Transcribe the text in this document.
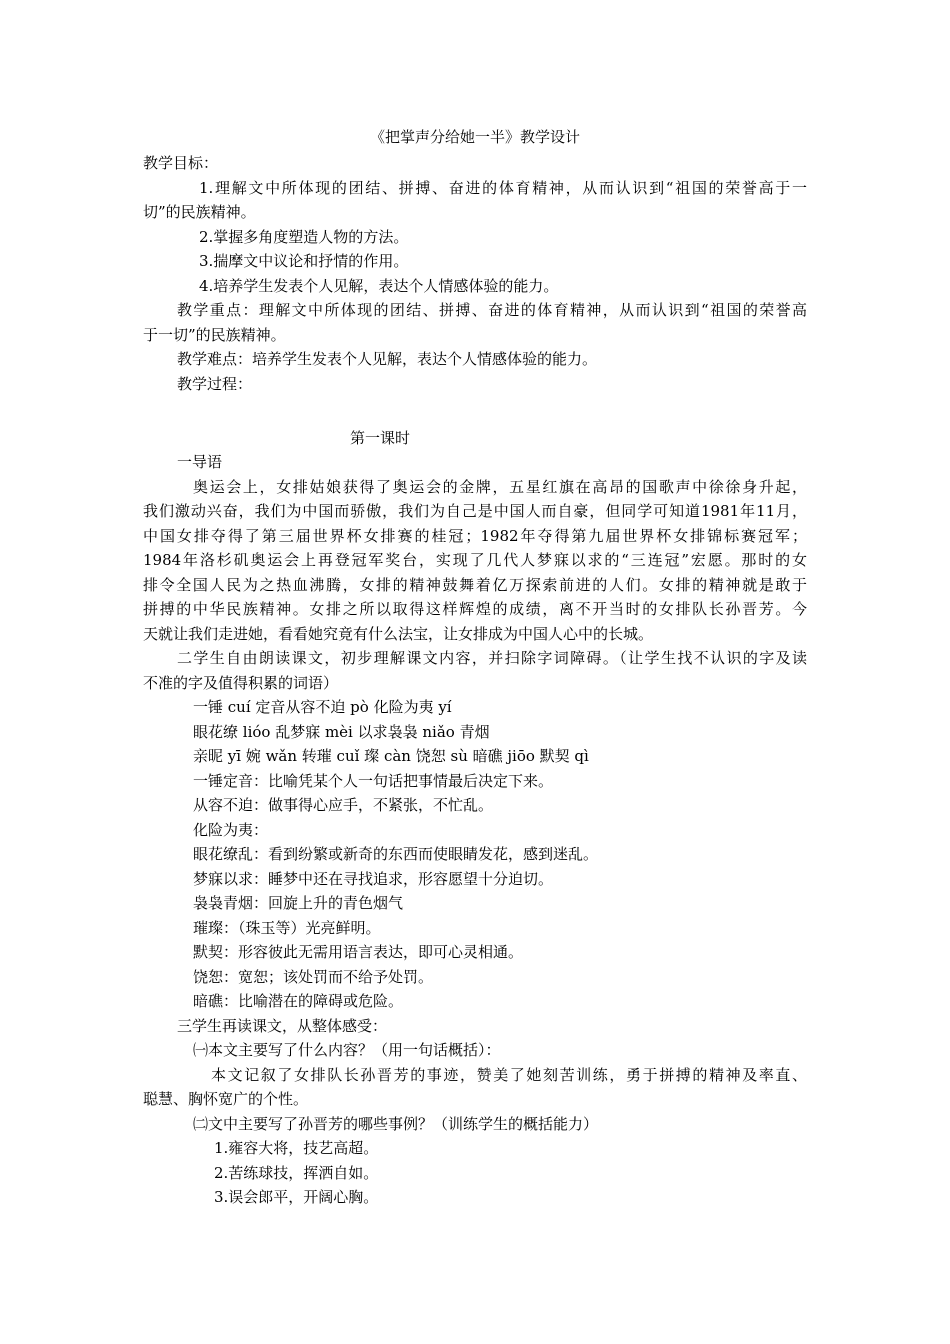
《把掌声分给她一半》教学设计
教学目标：
1.理解文中所体现的团结、拼搏、奋进的体育精神，从而认识到“祖国的荣誉高于一
切”的民族精神。
2.掌握多角度塑造人物的方法。
3.揣摩文中议论和抒情的作用。
4.培养学生发表个人见解，表达个人情感体验的能力。
教学重点：理解文中所体现的团结、拼搏、奋进的体育精神，从而认识到“祖国的荣誉高
于一切”的民族精神。
教学难点：培养学生发表个人见解，表达个人情感体验的能力。
教学过程：
第一课时
一导语
奥运会上，女排姑娘获得了奥运会的金牌，五星红旗在高昂的国歌声中徐徐身升起，
我们激动兴奋，我们为中国而骄傲，我们为自己是中国人而自豪，但同学可知道1981年11月，
中国女排夺得了第三届世界杯女排赛的桂冠；1982年夺得第九届世界杯女排锦标赛冠军；
1984年洛杉矶奥运会上再登冠军奖台，实现了几代人梦寐以求的“三连冠”宏愿。那时的女
排令全国人民为之热血沸腾，女排的精神鼓舞着亿万探索前进的人们。女排的精神就是敢于
拼搏的中华民族精神。女排之所以取得这样辉煌的成绩，离不开当时的女排队长孙晋芳。今
天就让我们走进她，看看她究竟有什么法宝，让女排成为中国人心中的长城。
二学生自由朗读课文，初步理解课文内容，并扫除字词障碍。（让学生找不认识的字及读
不准的字及值得积累的词语）
一锤 cuí 定音从容不迫 pò 化险为夷 yí
眼花缭 lióo 乱梦寐 mèi 以求袅袅 niǎo 青烟
亲昵 yī 婉 wǎn 转璀 cuǐ 璨 càn 饶恕 sù 暗礁 jiōo 默契 qì
一锤定音：比喻凭某个人一句话把事情最后决定下来。
从容不迫：做事得心应手，不紧张，不忙乱。
化险为夷：
眼花缭乱：看到纷繁或新奇的东西而使眼睛发花，感到迷乱。
梦寐以求：睡梦中还在寻找追求，形容愿望十分迫切。
袅袅青烟：回旋上升的青色烟气
璀璨：（珠玉等）光亮鲜明。
默契：形容彼此无需用语言表达，即可心灵相通。
饶恕：宽恕；该处罚而不给予处罚。
暗礁：比喻潜在的障碍或危险。
三学生再读课文，从整体感受：
㈠本文主要写了什么内容？（用一句话概括）：
本文记叙了女排队长孙晋芳的事迹，赞美了她刻苦训练，勇于拼搏的精神及率直、
聪慧、胸怀宽广的个性。
㈡文中主要写了孙晋芳的哪些事例？（训练学生的概括能力）
1.雍容大将，技艺高超。
2.苦练球技，挥洒自如。
3.误会郎平，开阔心胸。
